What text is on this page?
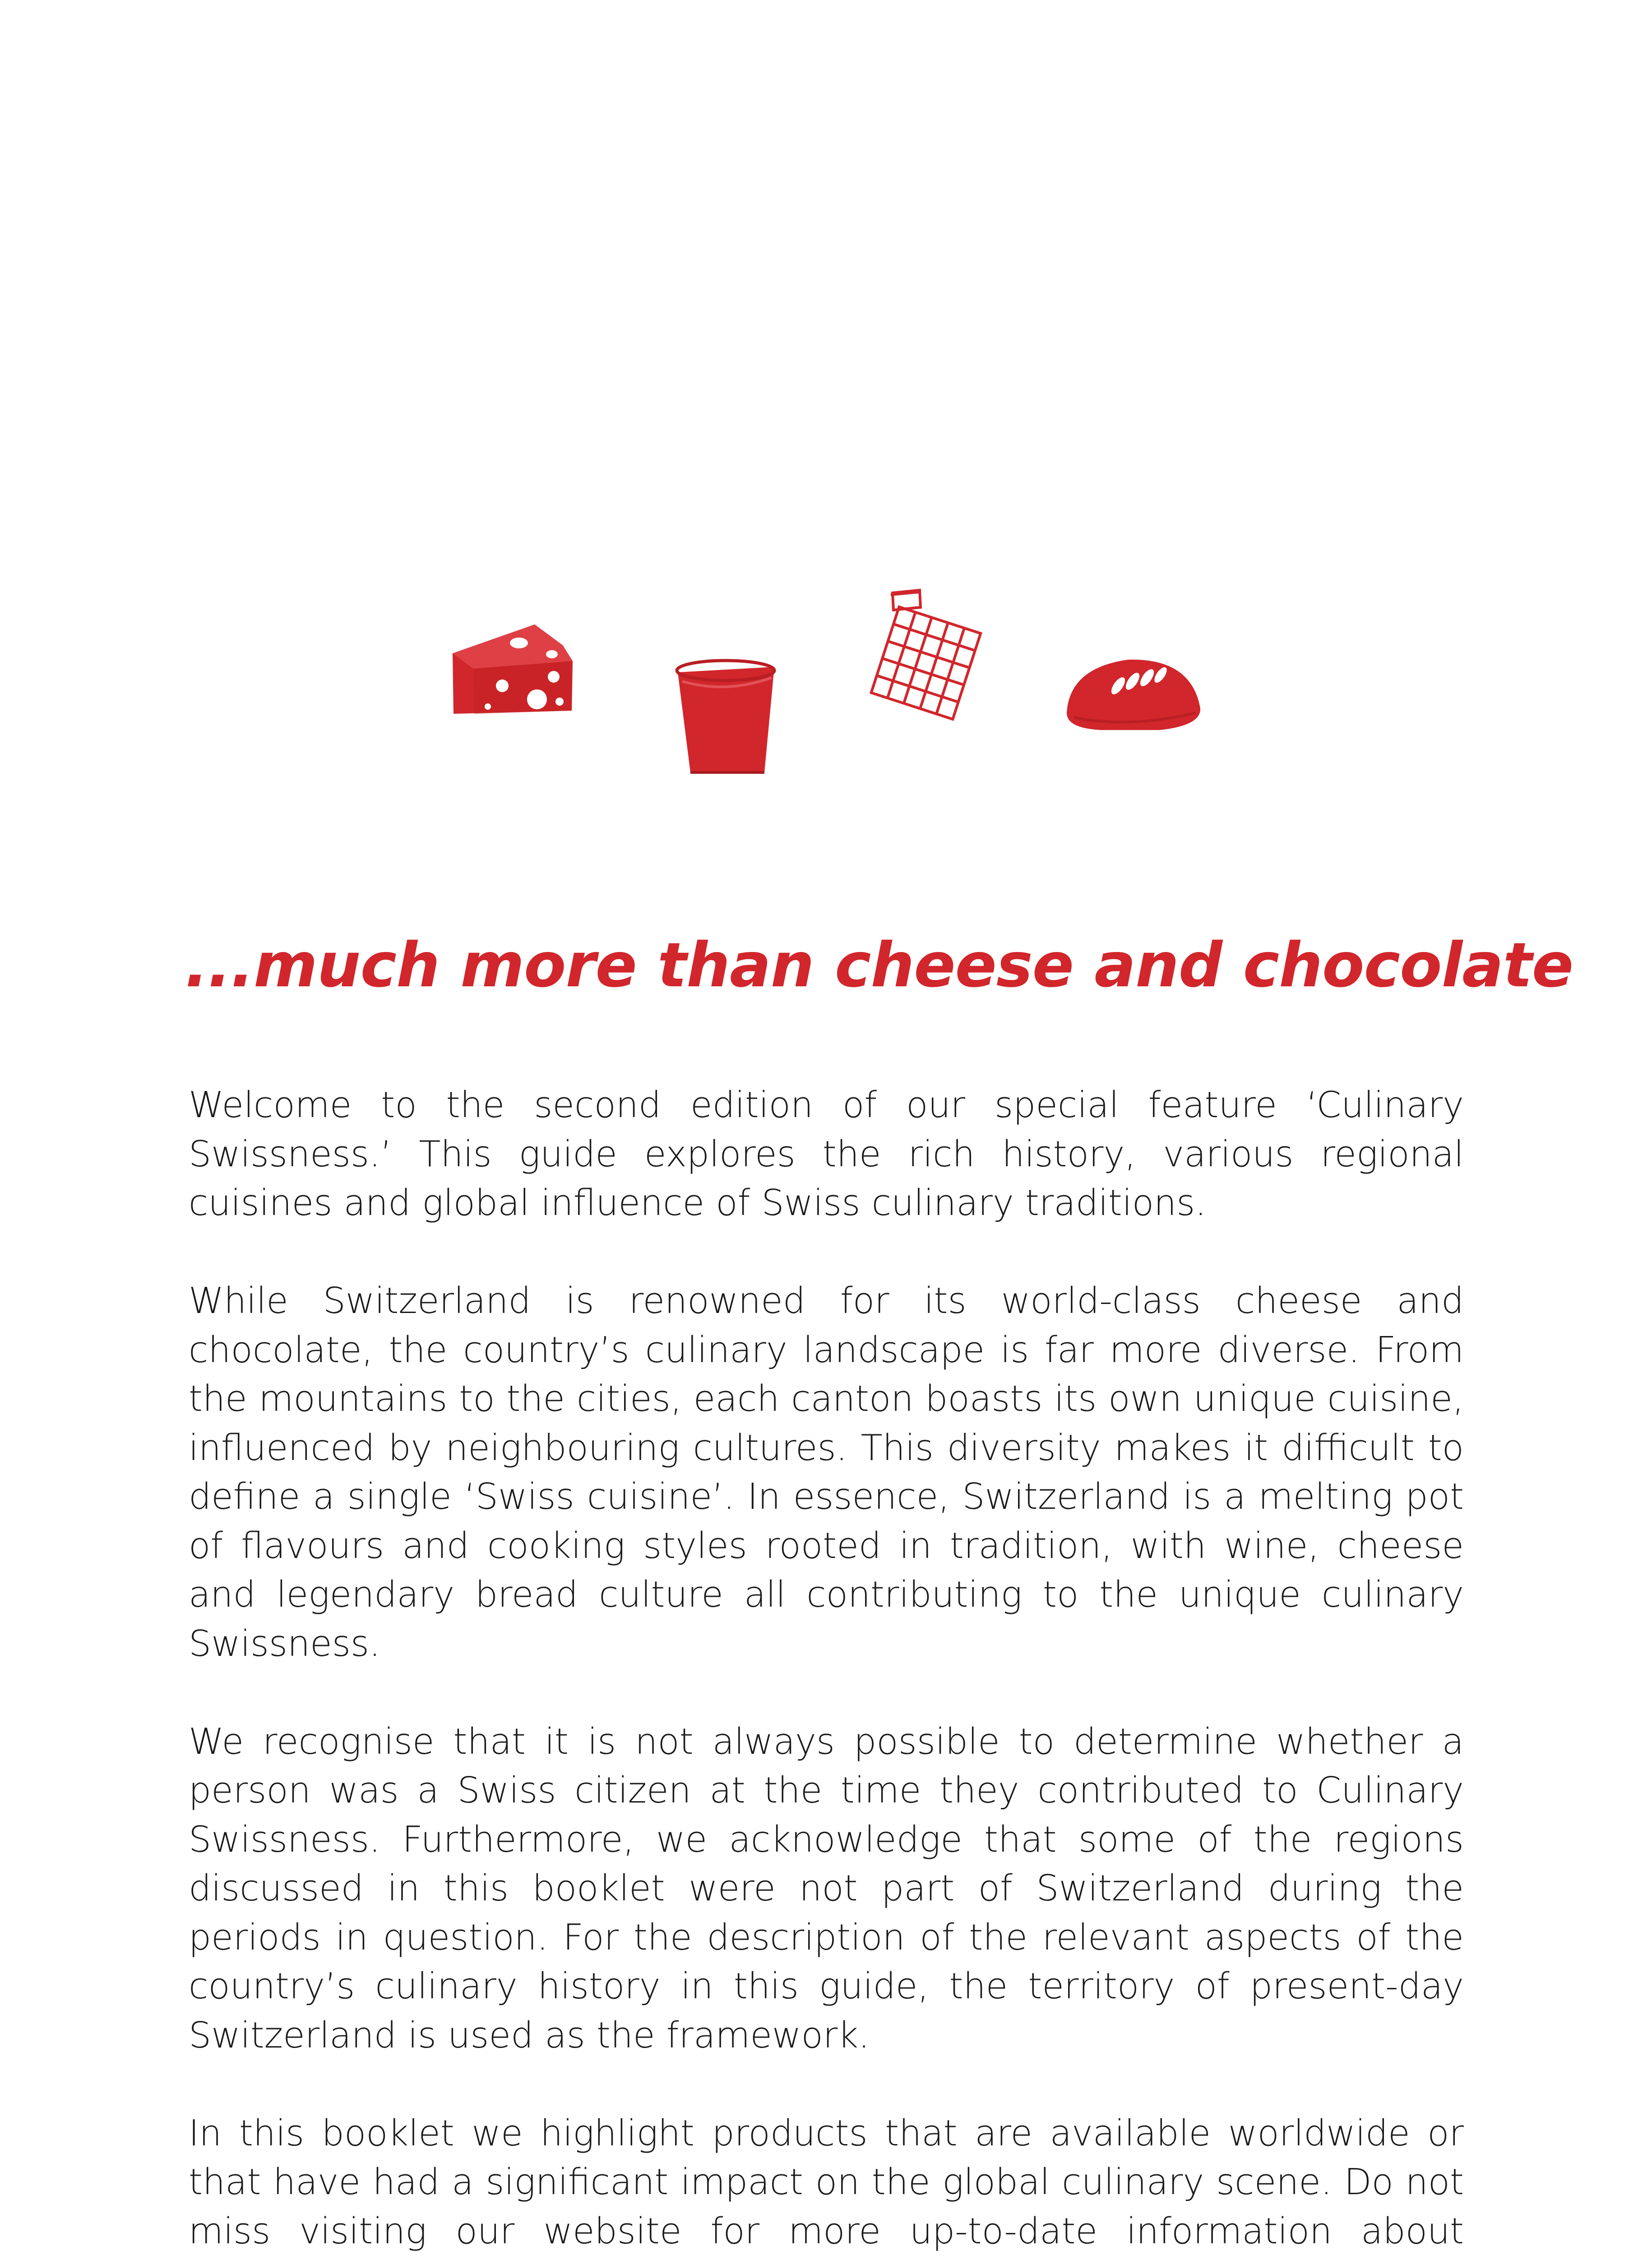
...much more than cheese and chocolate

Welcome to the second edition of our special feature ‘Culinary Swissness.’ This guide explores the rich history, various regional cuisines and global influence of Swiss culinary traditions.

While Switzerland is renowned for its world-class cheese and chocolate, the country’s culinary landscape is far more diverse. From the mountains to the cities, each canton boasts its own unique cuisine, influenced by neighbouring cultures. This diversity makes it difficult to define a single ‘Swiss cuisine’. In essence, Switzerland is a melting pot of flavours and cooking styles rooted in tradition, with wine, cheese and legendary bread culture all contributing to the unique culinary Swissness.

We recognise that it is not always possible to determine whether a person was a Swiss citizen at the time they contributed to Culinary Swissness. Furthermore, we acknowledge that some of the regions discussed in this booklet were not part of Switzerland during the periods in question. For the description of the relevant aspects of the country’s culinary history in this guide, the territory of present-day Switzerland is used as the framework.

In this booklet we highlight products that are available worldwide or that have had a significant impact on the global culinary scene. Do not miss visiting our website for more up-to-date information about
